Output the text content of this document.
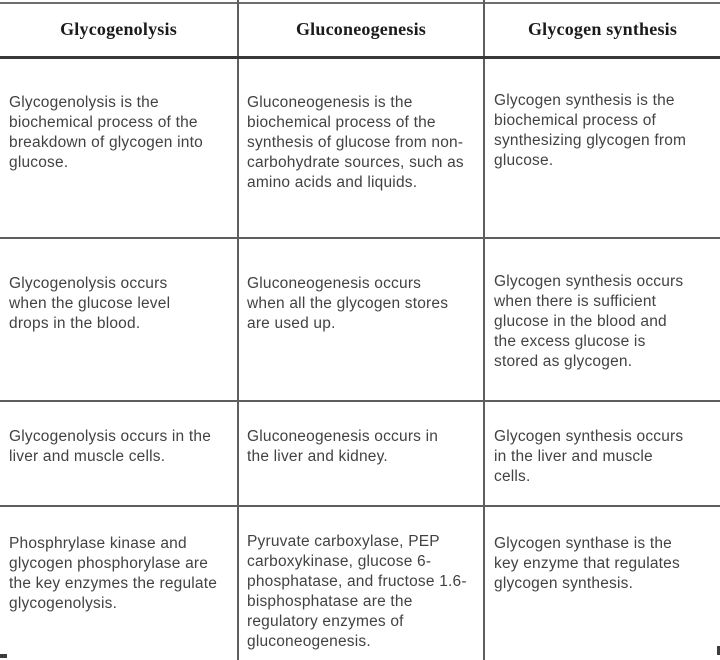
Glycogenolysis	Gluconeogenesis	Glycogen synthesis
Glycogenolysis is the biochemical process of the breakdown of glycogen into glucose.
Gluconeogenesis is the biochemical process of the synthesis of glucose from non-carbohydrate sources, such as amino acids and liquids.
Glycogen synthesis is the biochemical process of synthesizing glycogen from glucose.
Glycogenolysis occurs when the glucose level drops in the blood.
Gluconeogenesis occurs when all the glycogen stores are used up.
Glycogen synthesis occurs when there is sufficient glucose in the blood and the excess glucose is stored as glycogen.
Glycogenolysis occurs in the liver and muscle cells.
Gluconeogenesis occurs in the liver and kidney.
Glycogen synthesis occurs in the liver and muscle cells.
Phosphrylase kinase and glycogen phosphorylase are the key enzymes the regulate glycogenolysis.
Pyruvate carboxylase, PEP carboxykinase, glucose 6-phosphatase, and fructose 1.6-bisphosphatase are the regulatory enzymes of gluconeogenesis.
Glycogen synthase is the key enzyme that regulates glycogen synthesis.
